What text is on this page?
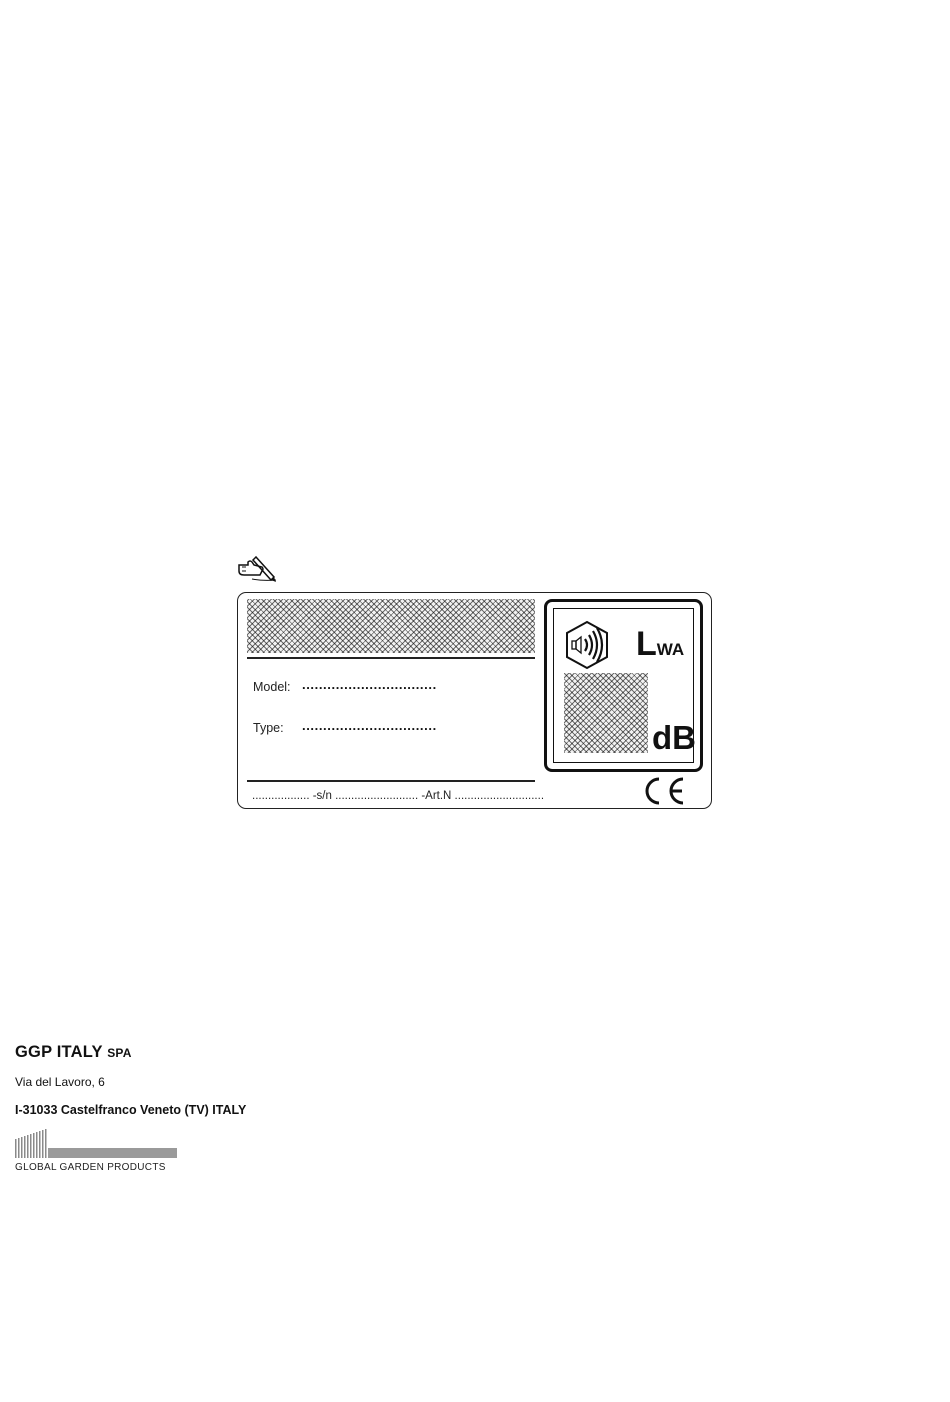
Model: ................................
Type: ................................
.................. -s/n .......................... -Art.N ............................
LWA
dB
GGP ITALY SPA
Via del Lavoro, 6
I-31033 Castelfranco Veneto (TV) ITALY
GLOBAL GARDEN PRODUCTS
